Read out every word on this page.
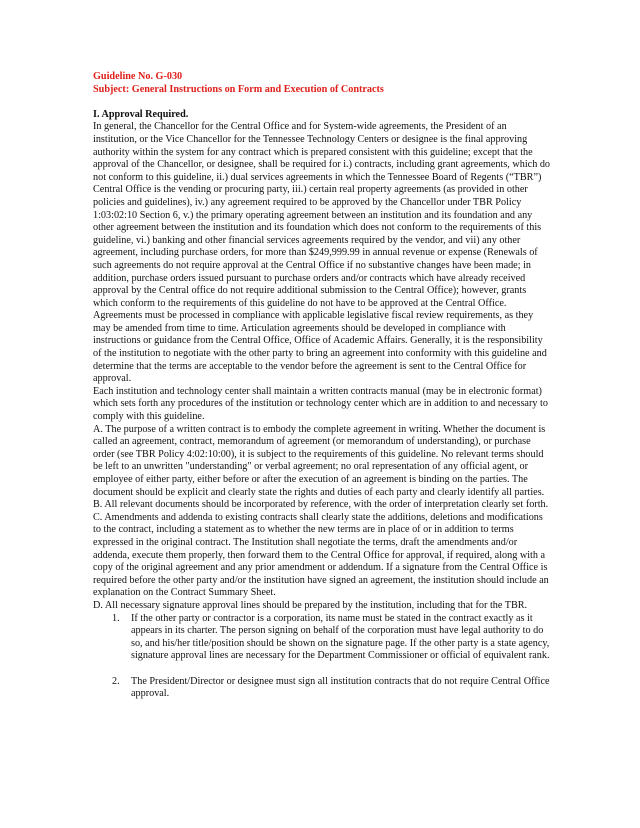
Guideline No. G-030
Subject: General Instructions on Form and Execution of Contracts
I. Approval Required.

In general, the Chancellor for the Central Office and for System-wide agreements, the President of an institution, or the Vice Chancellor for the Tennessee Technology Centers or designee is the final approving authority within the system for any contract which is prepared consistent with this guideline; except that the approval of the Chancellor, or designee, shall be required for i.) contracts, including grant agreements, which do not conform to this guideline, ii.) dual services agreements in which the Tennessee Board of Regents (“TBR”) Central Office is the vending or procuring party, iii.) certain real property agreements (as provided in other policies and guidelines), iv.) any agreement required to be approved by the Chancellor under TBR Policy 1:03:02:10 Section 6, v.) the primary operating agreement between an institution and its foundation and any other agreement between the institution and its foundation which does not conform to the requirements of this guideline, vi.) banking and other financial services agreements required by the vendor, and vii) any other agreement, including purchase orders, for more than $249,999.99 in annual revenue or expense (Renewals of such agreements do not require approval at the Central Office if no substantive changes have been made; in addition, purchase orders issued pursuant to purchase orders and/or contracts which have already received approval by the Central office do not require additional submission to the Central Office); however, grants which conform to the requirements of this guideline do not have to be approved at the Central Office.

Agreements must be processed in compliance with applicable legislative fiscal review requirements, as they may be amended from time to time. Articulation agreements should be developed in compliance with instructions or guidance from the Central Office, Office of Academic Affairs. Generally, it is the responsibility of the institution to negotiate with the other party to bring an agreement into conformity with this guideline and determine that the terms are acceptable to the vendor before the agreement is sent to the Central Office for approval.

Each institution and technology center shall maintain a written contracts manual (may be in electronic format) which sets forth any procedures of the institution or technology center which are in addition to and necessary to comply with this guideline.

A. The purpose of a written contract is to embody the complete agreement in writing. Whether the document is called an agreement, contract, memorandum of agreement (or memorandum of understanding), or purchase order (see TBR Policy 4:02:10:00), it is subject to the requirements of this guideline. No relevant terms should be left to an unwritten "understanding" or verbal agreement; no oral representation of any official agent, or employee of either party, either before or after the execution of an agreement is binding on the parties. The document should be explicit and clearly state the rights and duties of each party and clearly identify all parties.

B. All relevant documents should be incorporated by reference, with the order of interpretation clearly set forth.

C. Amendments and addenda to existing contracts shall clearly state the additions, deletions and modifications to the contract, including a statement as to whether the new terms are in place of or in addition to terms expressed in the original contract. The Institution shall negotiate the terms, draft the amendments and/or addenda, execute them properly, then forward them to the Central Office for approval, if required, along with a copy of the original agreement and any prior amendment or addendum. If a signature from the Central Office is required before the other party and/or the institution have signed an agreement, the institution should include an explanation on the Contract Summary Sheet.

D. All necessary signature approval lines should be prepared by the institution, including that for the TBR.

1. If the other party or contractor is a corporation, its name must be stated in the contract exactly as it appears in its charter. The person signing on behalf of the corporation must have legal authority to do so, and his/her title/position should be shown on the signature page. If the other party is a state agency, signature approval lines are necessary for the Department Commissioner or official of equivalent rank.
2. The President/Director or designee must sign all institution contracts that do not require Central Office approval.
